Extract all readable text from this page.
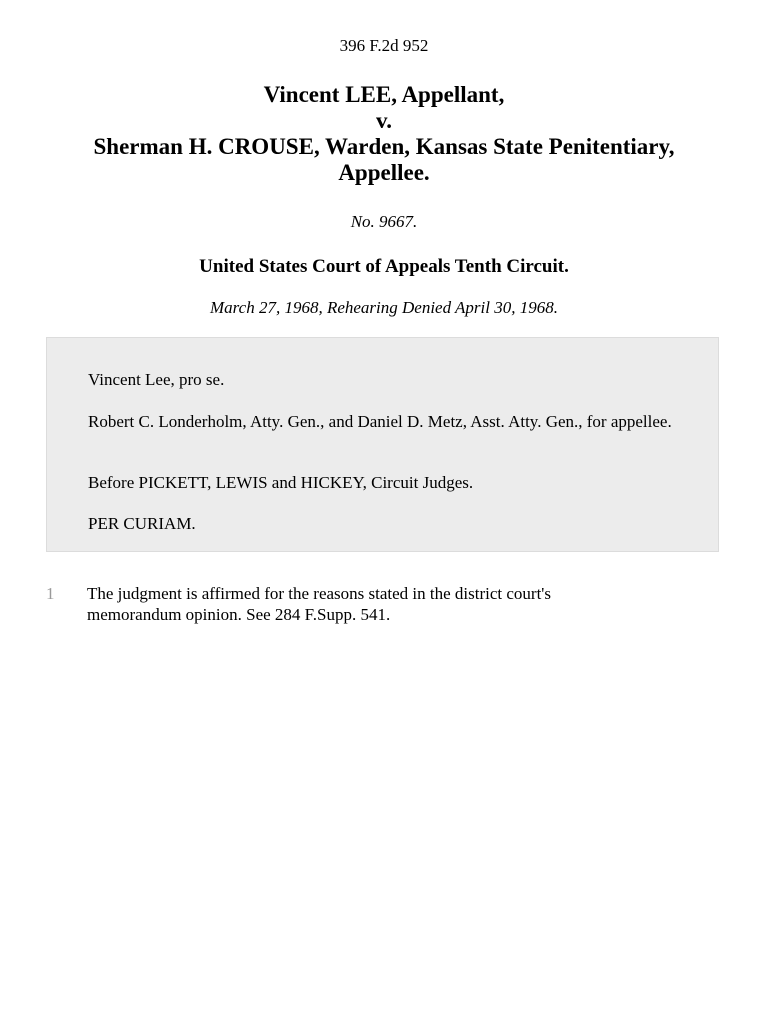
396 F.2d 952
Vincent LEE, Appellant,
v.
Sherman H. CROUSE, Warden, Kansas State Penitentiary,
Appellee.
No. 9667.
United States Court of Appeals Tenth Circuit.
March 27, 1968, Rehearing Denied April 30, 1968.

Vincent Lee, pro se.

Robert C. Londerholm, Atty. Gen., and Daniel D. Metz, Asst. Atty. Gen., for appellee.

Before PICKETT, LEWIS and HICKEY, Circuit Judges.

PER CURIAM.

1 The judgment is affirmed for the reasons stated in the district court's memorandum opinion. See 284 F.Supp. 541.
